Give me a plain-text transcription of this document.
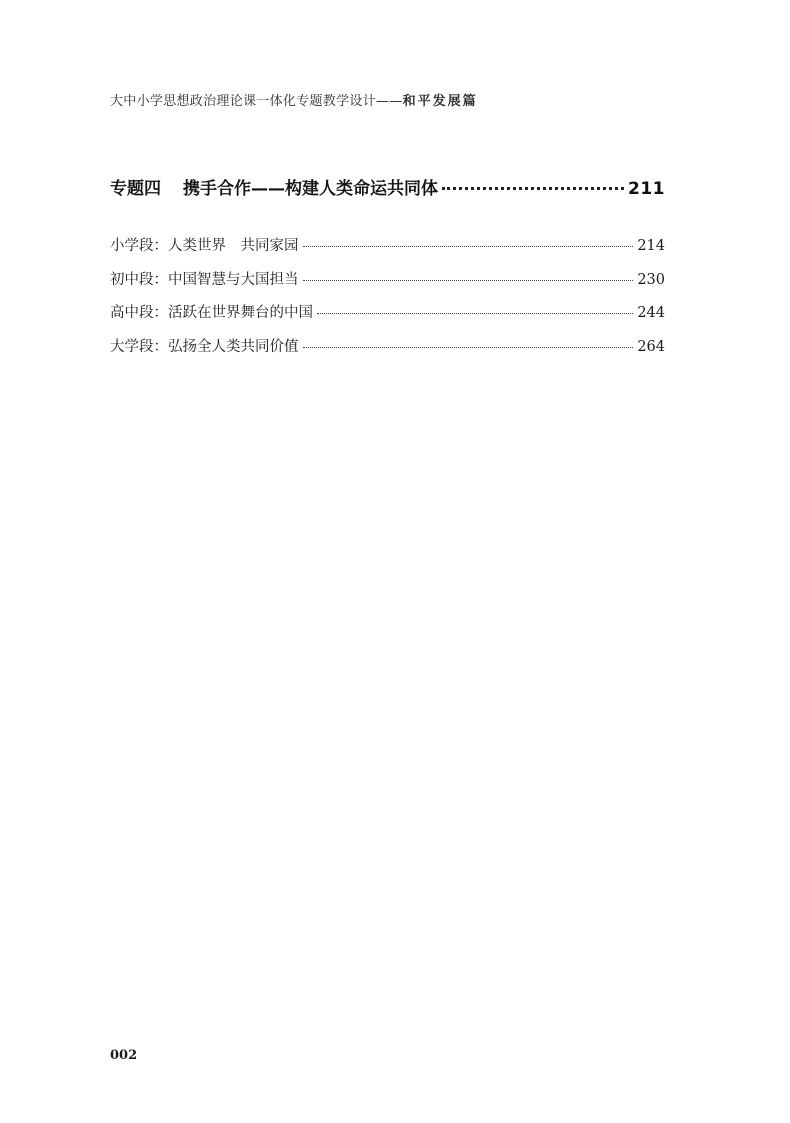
大中小学思想政治理论课一体化专题教学设计——和平发展篇
专题四 携手合作——构建人类命运共同体	211
小学段：人类世界　共同家园	214
初中段：中国智慧与大国担当	230
高中段：活跃在世界舞台的中国	244
大学段：弘扬全人类共同价值	264
002
